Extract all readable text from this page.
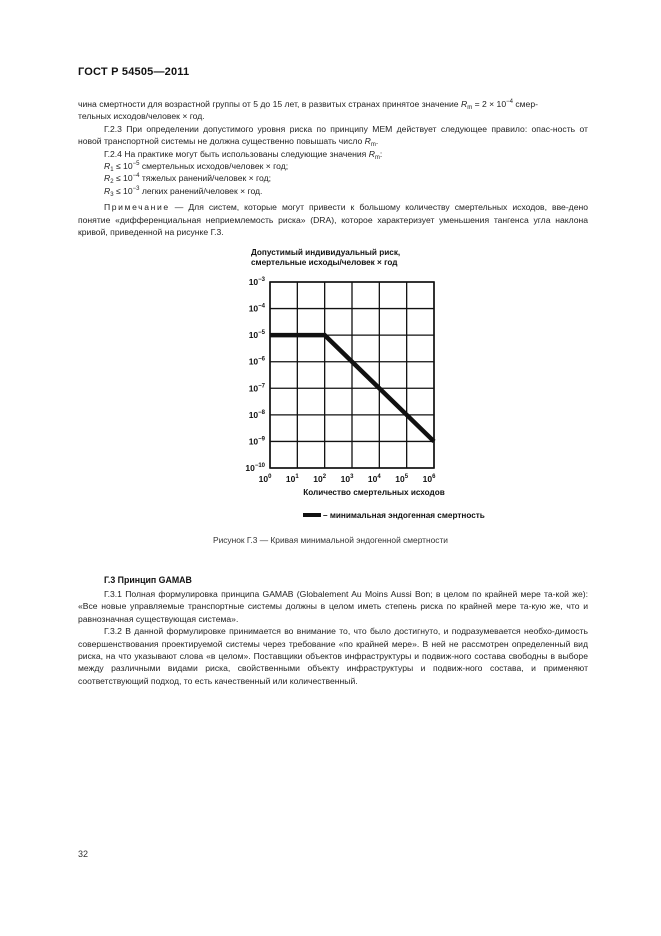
ГОСТ Р 54505—2011

чина смертности для возрастной группы от 5 до 15 лет, в развитых странах принятое значение $R_m = 2 \times 10^{-4}$ смер-
тельных исходов/человек × год.

Г.2.3 При определении допустимого уровня риска по принципу MEM действует следующее правило: опас-ность от новой транспортной системы не должна существенно повышать число $R_m$.

Г.2.4 На практике могут быть использованы следующие значения $R_m$:

$R_1 \le 10^{-5}$ смертельных исходов/человек × год;
$R_2 \le 10^{-4}$ тяжелых ранений/человек × год;
$R_3 \le 10^{-3}$ легких ранений/человек × год.

Примечание — Для систем, которые могут привести к большому количеству смертельных исходов, вве-дено понятие «дифференциальная неприемлемость риска» (DRA), которое характеризует уменьшения тангенса угла наклона кривой, приведенной на рисунке Г.3.

Допустимый индивидуальный риск,
смертельные исходы/человек × год
$10^{-3}$
$10^{-4}$
$10^{-5}$
$10^{-6}$
$10^{-7}$
$10^{-8}$
$10^{-9}$
$10^{-10}$
$10^0$ $10^1$ $10^2$ $10^3$ $10^4$ $10^5$ $10^6$
Количество смертельных исходов
– минимальная эндогенная смертность
Рисунок Г.3 — Кривая минимальной эндогенной смертности
Г.3 Принцип GAMAB

Г.3.1 Полная формулировка принципа GAMAB (Globalement Au Moins Aussi Bon; в целом по крайней мере та-кой же): «Все новые управляемые транспортные системы должны в целом иметь степень риска по крайней мере та-кую же, что и равнозначная существующая система».

Г.3.2 В данной формулировке принимается во внимание то, что было достигнуто, и подразумевается необхо-димость совершенствования проектируемой системы через требование «по крайней мере». В ней не рассмотрен определенный вид риска, на что указывают слова «в целом». Поставщики объектов инфраструктуры и подвиж-ного состава свободны в выборе между различными видами риска, свойственными объекту инфраструктуры и подвиж-ного состава, и применяют соответствующий подход, то есть качественный или количественный.

32
